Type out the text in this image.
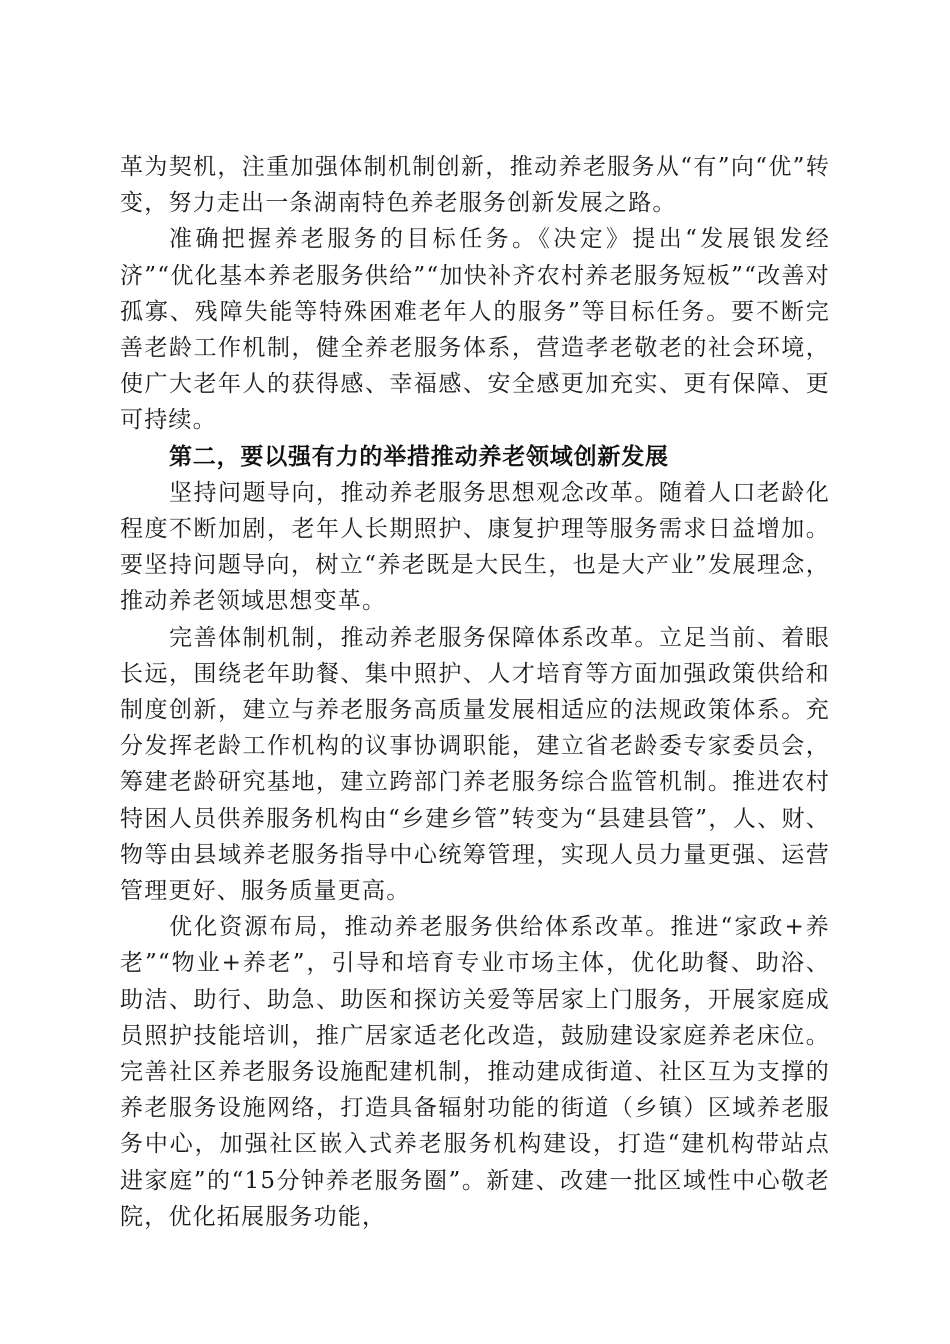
革为契机，注重加强体制机制创新，推动养老服务从“有”向“优”转变，努力走出一条湖南特色养老服务创新发展之路。

准确把握养老服务的目标任务。《决定》提出“发展银发经济”“优化基本养老服务供给”“加快补齐农村养老服务短板”“改善对孤寡、残障失能等特殊困难老年人的服务”等目标任务。要不断完善老龄工作机制，健全养老服务体系，营造孝老敬老的社会环境，使广大老年人的获得感、幸福感、安全感更加充实、更有保障、更可持续。

第二，要以强有力的举措推动养老领域创新发展

坚持问题导向，推动养老服务思想观念改革。随着人口老龄化程度不断加剧，老年人长期照护、康复护理等服务需求日益增加。要坚持问题导向，树立“养老既是大民生，也是大产业”发展理念，推动养老领域思想变革。

完善体制机制，推动养老服务保障体系改革。立足当前、着眼长远，围绕老年助餐、集中照护、人才培育等方面加强政策供给和制度创新，建立与养老服务高质量发展相适应的法规政策体系。充分发挥老龄工作机构的议事协调职能，建立省老龄委专家委员会，筹建老龄研究基地，建立跨部门养老服务综合监管机制。推进农村特困人员供养服务机构由“乡建乡管”转变为“县建县管”，人、财、物等由县域养老服务指导中心统筹管理，实现人员力量更强、运营管理更好、服务质量更高。

优化资源布局，推动养老服务供给体系改革。推进“家政+养老”“物业+养老”，引导和培育专业市场主体，优化助餐、助浴、助洁、助行、助急、助医和探访关爱等居家上门服务，开展家庭成员照护技能培训，推广居家适老化改造，鼓励建设家庭养老床位。完善社区养老服务设施配建机制，推动建成街道、社区互为支撑的养老服务设施网络，打造具备辐射功能的街道（乡镇）区域养老服务中心，加强社区嵌入式养老服务机构建设，打造“建机构带站点进家庭”的“15分钟养老服务圈”。新建、改建一批区域性中心敬老院，优化拓展服务功能，
